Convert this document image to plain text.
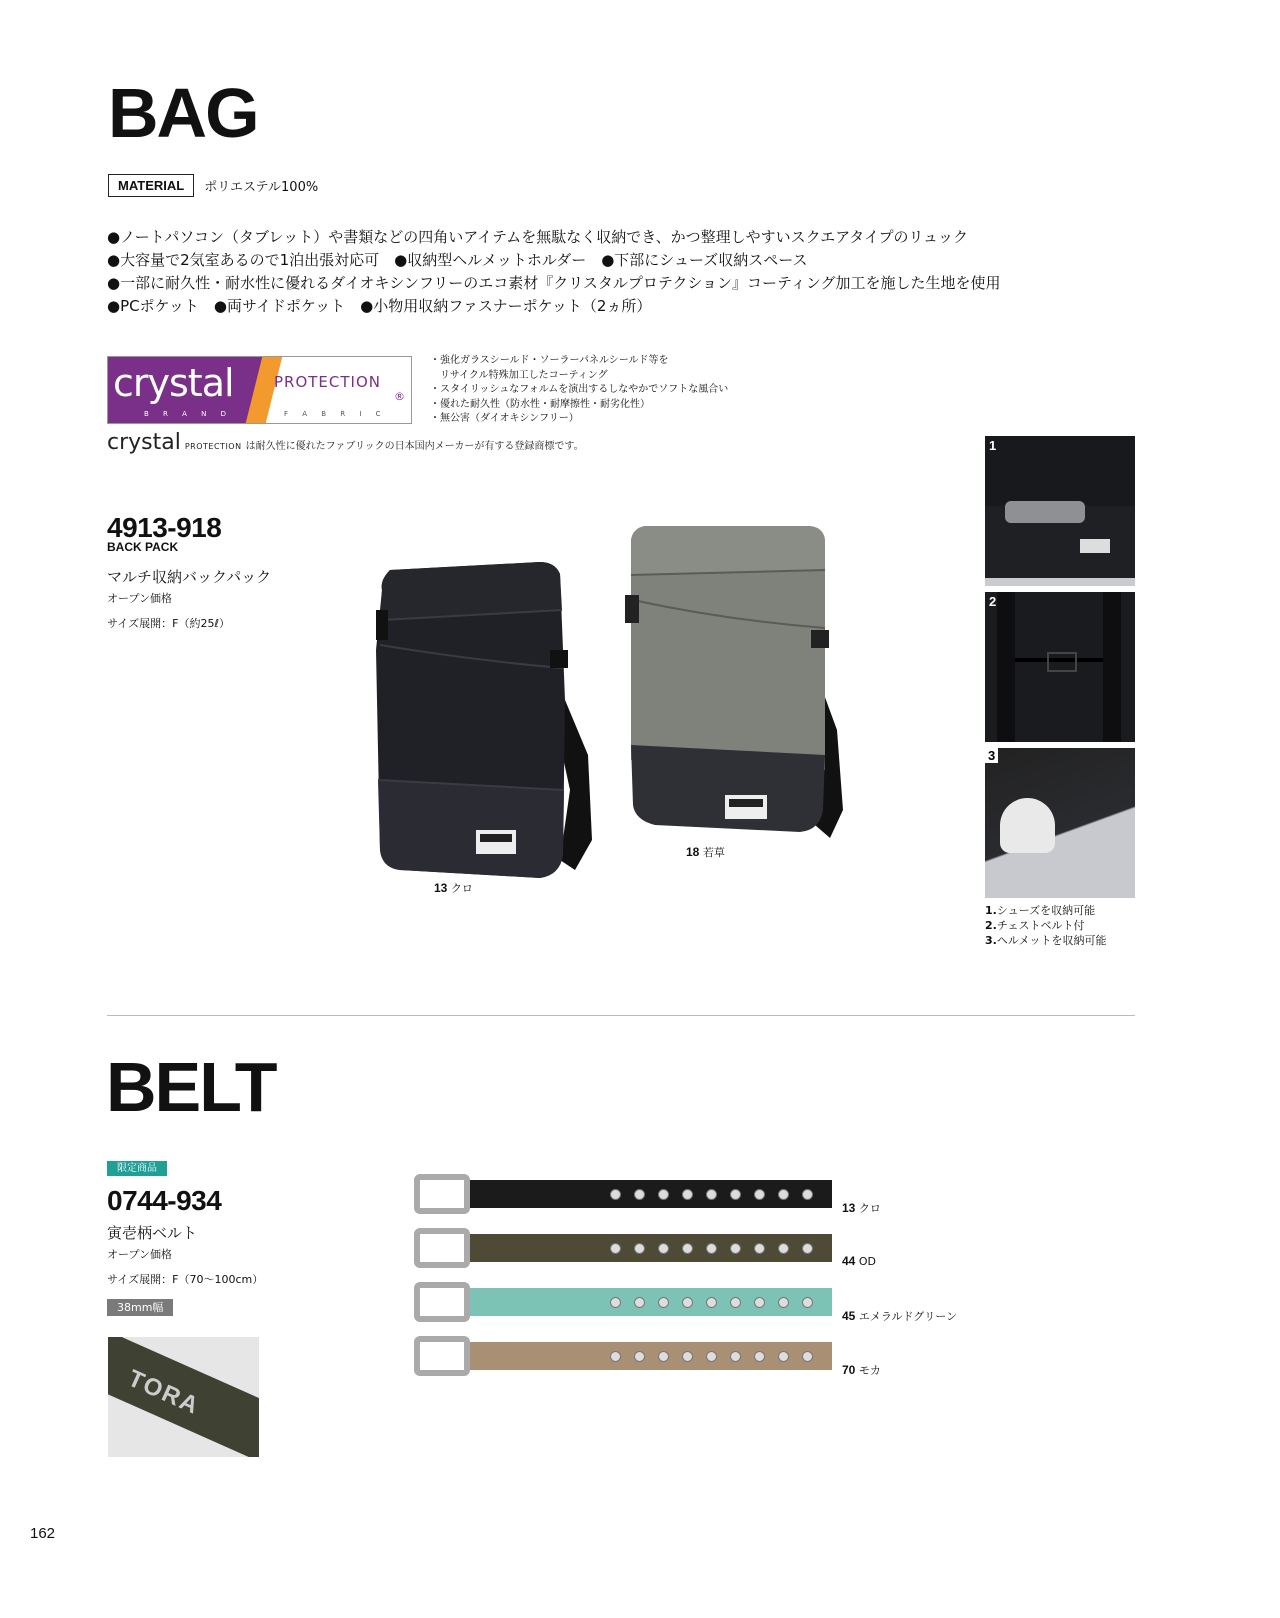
BAG
MATERIAL	ポリエステル100%
●ノートパソコン（タブレット）や書類などの四角いアイテムを無駄なく収納でき、かつ整理しやすいスクエアタイプのリュック
●大容量で2気室あるので1泊出張対応可　●収納型ヘルメットホルダー　●下部にシューズ収納スペース
●一部に耐久性・耐水性に優れるダイオキシンフリーのエコ素材『クリスタルプロテクション』コーティング加工を施した生地を使用
●PCポケット　●両サイドポケット　●小物用収納ファスナーポケット（2ヵ所）
crystal
B R A N D
PROTECTION
®
F A B R I C
・強化ガラスシールド・ソーラーパネルシールド等を
　リサイクル特殊加工したコーティング
・スタイリッシュなフォルムを演出するしなやかでソフトな風合い
・優れた耐久性（防水性・耐摩擦性・耐劣化性）
・無公害（ダイオキシンフリー）
crystal PROTECTION は耐久性に優れたファブリックの日本国内メーカーが有する登録商標です。
4913-918
BACK PACK
マルチ収納バックパック
オープン価格
サイズ展開：F（約25ℓ）
13 クロ
18 若草
1
2
3
1.シューズを収納可能
2.チェストベルト付
3.ヘルメットを収納可能
BELT
限定商品
0744-934
寅壱柄ベルト
オープン価格
サイズ展開：F（70〜100cm）
38mm幅
TORA
13 クロ
44 OD
45 エメラルドグリーン
70 モカ
162
